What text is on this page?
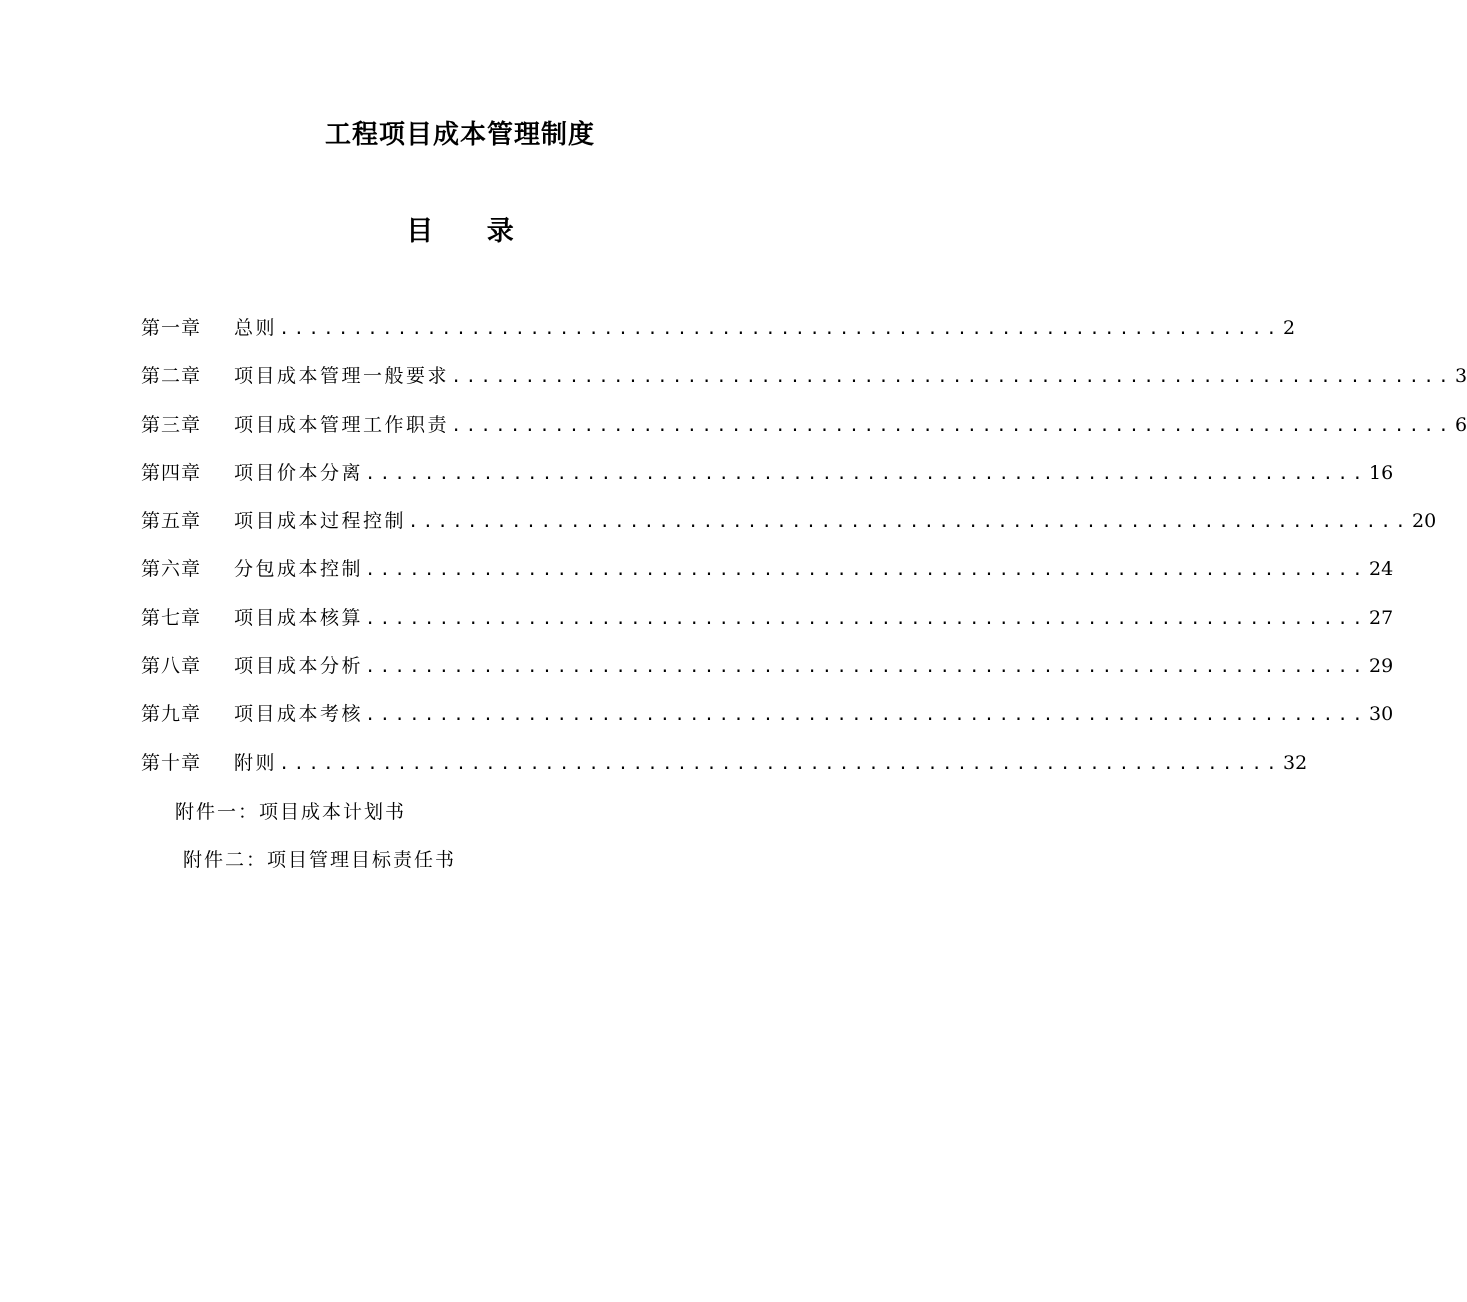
工程项目成本管理制度
目 录
第一章	总则 .................................................................... 2
第二章	项目成本管理一般要求 .................................................................... 3
第三章	项目成本管理工作职责 .................................................................... 6
第四章	项目价本分离 .................................................................... 16
第五章	项目成本过程控制 .................................................................... 20
第六章	分包成本控制 .................................................................... 24
第七章	项目成本核算 .................................................................... 27
第八章	项目成本分析 .................................................................... 29
第九章	项目成本考核 .................................................................... 30
第十章	附则 .................................................................... 32
附件一：项目成本计划书
附件二：项目管理目标责任书
